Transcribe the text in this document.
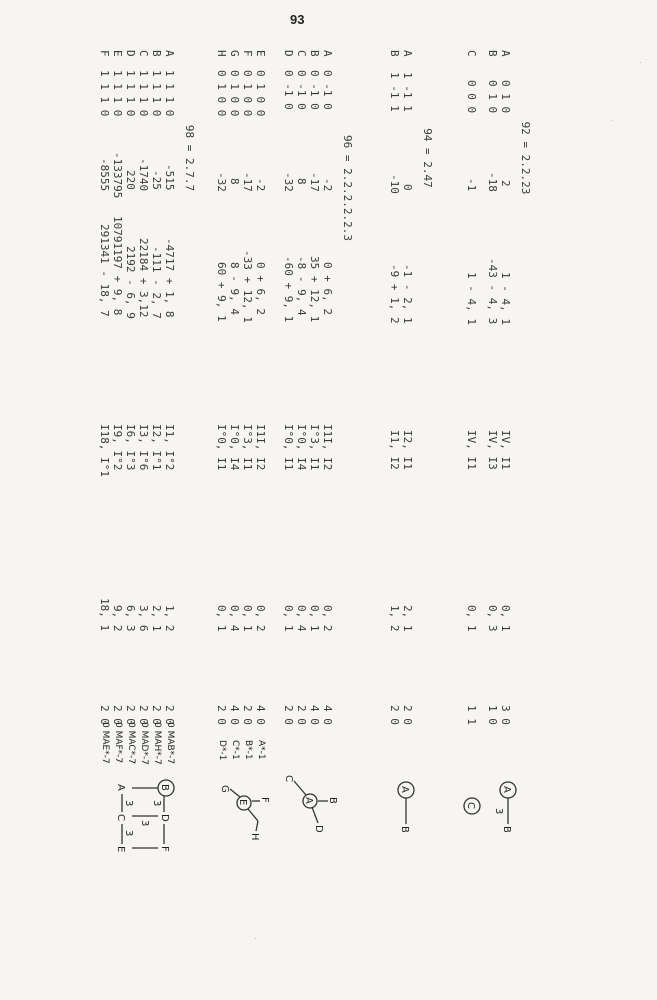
93
92 = 2.2.23
A
0 1 0
2
1 - 4, 1
IV, I1
0, 1
3 0
B
0 1 0
-18
-43 - 4, 3
IV, I3
0, 3
1 0
C
0 0 0
-1
1 - 4, 1
IV, I1
0, 1
1 1
A
3
B
C
94 = 2.47
A
1 -1 1
0
-1 - 2, 1
I2, I1
2, 1
2 0
B
1 -1 1
-10
-9 + 1, 2
I1, I2
1, 2
2 0
A
B
96 = 2.2.2.2.2.3
A
0 -1 0
-2
0 + 6, 2
I1I, I2
0, 2
4 0
B
0 -1 0
-17
35 + 12, 1
I°3, I1
0, 1
4 0
C
0 -1 0
8
-8 - 9, 4
I°0, I4
0, 4
2 0
D
0 -1 0
-32
-60 + 9, 1
I°0, I1
0, 1
2 0
B
A
C
D
E
0 1 0 0
-2
0 + 6, 2
I1I, I2
0, 2
4 0
F
0 1 0 0
-17
-33 + 12, 1
I°3, I1
0, 1
2 0
G
0 1 0 0
8
8 - 9, 4
I°0, I4
0, 4
4 0
H
0 1 0 0
-32
60 + 9, 1
I°0, I1
0, 1
2 0
A*-1
B*-1
C*-1
D*-1
F
E
G
H
98 = 2.7.7
A
1 1 1 0
-515
-4717 + 1, 8
I1, I°2
1, 2
2 0
B
1 1 1 0
-25
-111 - 2, 7
I2, I°1
2, 1
2 0
C
1 1 1 0
-1740
22184 + 3,12
I3, I°6
3, 6
2 0
D
1 1 1 0
220
2192 - 6, 9
I6, I°3
6, 3
2 0
E
1 1 1 0
-133795
10791197 + 9, 8
I9, I°2
9, 2
2 0
F
1 1 1 0
-8555
291341 - 18, 7
I18, I°1
18, 1
2 0
0 MAB*-7
0 MAH*-7
0 MAD*-7
0 MAC*-7
0 MAF*-7
0 MAE*-7
B
3
D
F
3
A
3
C
3
E
